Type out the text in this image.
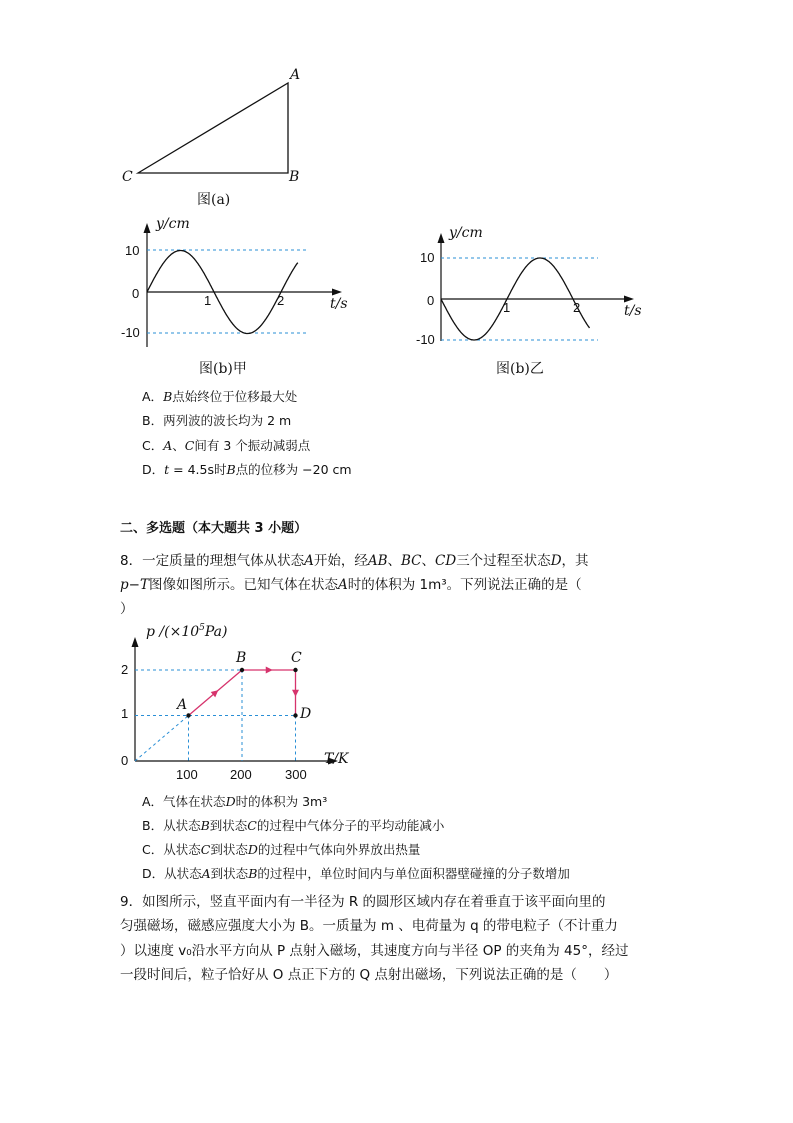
A
B
C
图(a)
y/cm
t/s
10
0
-10
1	2
图(b)甲
y/cm
t/s
10
0
-10
1	2
图(b)乙
A．B点始终位于位移最大处
B．两列波的波长均为 2 m
C．A、C间有 3 个振动减弱点
D．t = 4.5s时B点的位移为 −20 cm
二、多选题（本大题共 3 小题）
8．一定质量的理想气体从状态A开始，经AB、BC、CD三个过程至状态D，其
p−T图像如图所示。已知气体在状态A时的体积为 1m³。下列说法正确的是（
）
p $/(\times 10^5Pa)$
T/K
2
1
0
100 200	300
A
B	C
D
A．气体在状态D时的体积为 3m³
B．从状态B到状态C的过程中气体分子的平均动能减小
C．从状态C到状态D的过程中气体向外界放出热量
D．从状态A到状态B的过程中，单位时间内与单位面积器壁碰撞的分子数增加
9．如图所示，竖直平面内有一半径为 R 的圆形区域内存在着垂直于该平面向里的
匀强磁场，磁感应强度大小为 B。一质量为 m 、电荷量为 q 的带电粒子（不计重力
）以速度 v₀沿水平方向从 P 点射入磁场，其速度方向与半径 OP 的夹角为 45°，经过
一段时间后，粒子恰好从 O 点正下方的 Q 点射出磁场，下列说法正确的是（　　）
